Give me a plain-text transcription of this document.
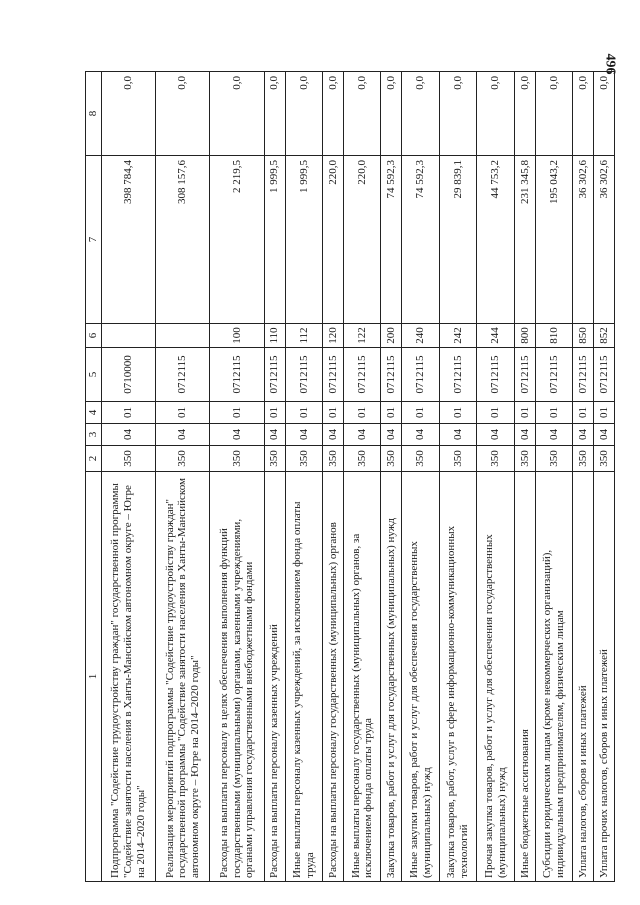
496
1	2	3	4	5	6	7	8
Подпрограмма "Содействие трудоустройству граждан" государственной программы "Содействие занятости населения в Ханты-Мансийском автономном округе – Югре на 2014–2020 годы"	350	04	01	0710000		398 784,4	0,0
Реализация мероприятий подпрограммы "Содействие трудоустройству граждан" государственной программы "Содействие занятости населения в Ханты-Мансийском автономном округе – Югре на 2014–2020 годы"	350	04	01	0712115		308 157,6	0,0
Расходы на выплаты персоналу в целях обеспечения выполнения функций государственными (муниципальными) органами, казенными учреждениями, органами управления государственными внебюджетными фондами	350	04	01	0712115	100	2 219,5	0,0
Расходы на выплаты персоналу казенных учреждений	350	04	01	0712115	110	1 999,5	0,0
Иные выплаты персоналу казенных учреждений, за исключением фонда оплаты труда	350	04	01	0712115	112	1 999,5	0,0
Расходы на выплаты персоналу государственных (муниципальных) органов	350	04	01	0712115	120	220,0	0,0
Иные выплаты персоналу государственных (муниципальных) органов, за исключением фонда оплаты труда	350	04	01	0712115	122	220,0	0,0
Закупка товаров, работ и услуг для государственных (муниципальных) нужд	350	04	01	0712115	200	74 592,3	0,0
Иные закупки товаров, работ и услуг для обеспечения государственных (муниципальных) нужд	350	04	01	0712115	240	74 592,3	0,0
Закупка товаров, работ, услуг в сфере информационно-коммуникационных технологий	350	04	01	0712115	242	29 839,1	0,0
Прочая закупка товаров, работ и услуг для обеспечения государственных (муниципальных) нужд	350	04	01	0712115	244	44 753,2	0,0
Иные бюджетные ассигнования	350	04	01	0712115	800	231 345,8	0,0
Субсидии юридическим лицам (кроме некоммерческих организаций), индивидуальным предпринимателям, физическим лицам	350	04	01	0712115	810	195 043,2	0,0
Уплата налогов, сборов и иных платежей	350	04	01	0712115	850	36 302,6	0,0
Уплата прочих налогов, сборов и иных платежей	350	04	01	0712115	852	36 302,6	0,0
